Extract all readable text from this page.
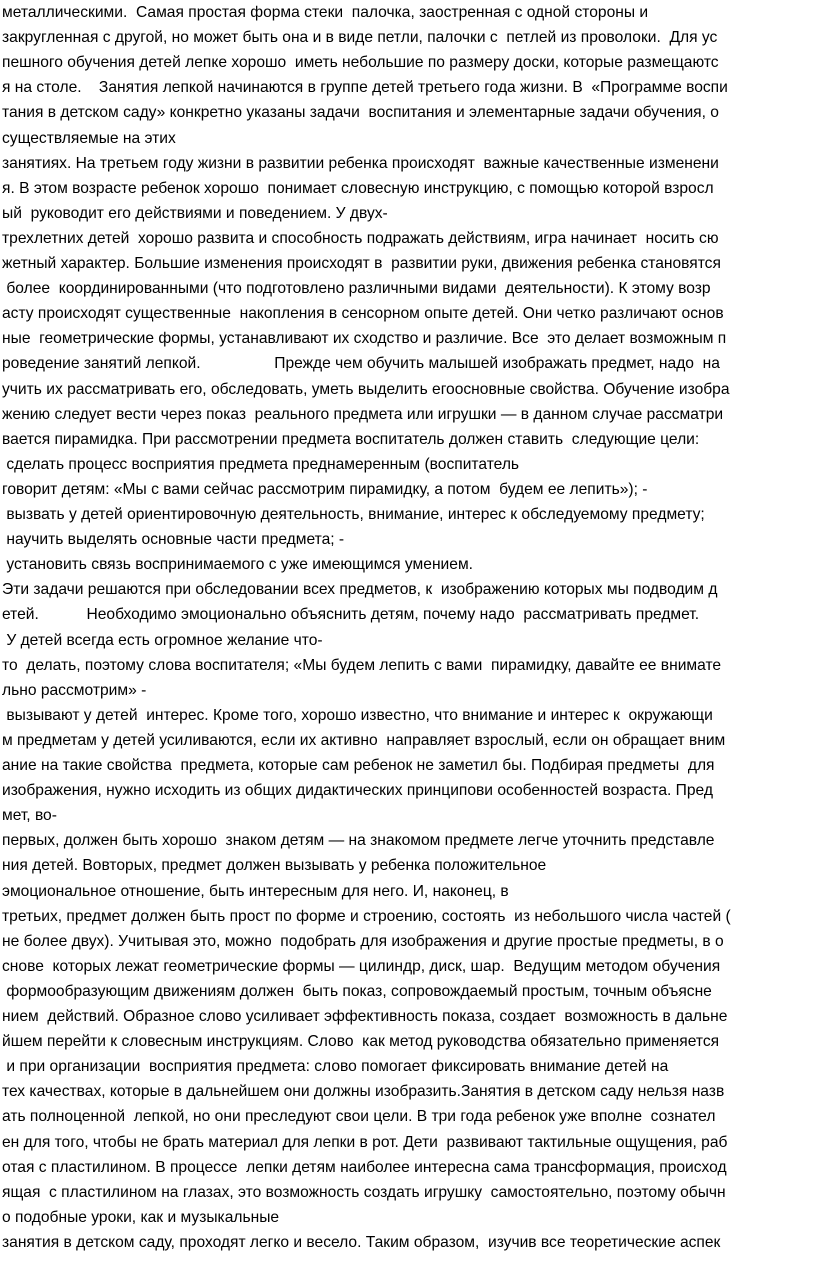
металлическими.  Самая простая форма стеки  палочка, заостренная с одной стороны и
закругленная с другой, но может быть она и в виде петли, палочки с  петлей из проволоки.  Для ус
пешного обучения детей лепке хорошо  иметь небольшие по размеру доски, которые размещаютс
я на столе.    Занятия лепкой начинаются в группе детей третьего года жизни. В  «Программе воспи
тания в детском саду» конкретно указаны задачи  воспитания и элементарные задачи обучения, о
существляемые на этих
занятиях. На третьем году жизни в развитии ребенка происходят  важные качественные изменени
я. В этом возрасте ребенок хорошо  понимает словесную инструкцию, с помощью которой взросл
ый  руководит его действиями и поведением. У двух-
трехлетних детей  хорошо развита и способность подражать действиям, игра начинает  носить сю
жетный характер. Большие изменения происходят в  развитии руки, движения ребенка становятся
более  координированными (что подготовлено различными видами  деятельности). К этому возр
асту происходят существенные  накопления в сенсорном опыте детей. Они четко различают основ
ные  геометрические формы, устанавливают их сходство и различие. Все  это делает возможным п
роведение занятий лепкой.                 Прежде чем обучить малышей изображать предмет, надо  на
учить их рассматривать его, обследовать, уметь выделить егоосновные свойства. Обучение изобра
жению следует вести через показ  реального предмета или игрушки — в данном случае рассматри
вается пирамидка. При рассмотрении предмета воспитатель должен ставить  следующие цели:
сделать процесс восприятия предмета преднамеренным (воспитатель
говорит детям: «Мы с вами сейчас рассмотрим пирамидку, а потом  будем ее лепить»); -
вызвать у детей ориентировочную деятельность, внимание, интерес к обследуемому предмету;
научить выделять основные части предмета; -
установить связь воспринимаемого с уже имеющимся умением.
Эти задачи решаются при обследовании всех предметов, к  изображению которых мы подводим д
етей.           Необходимо эмоционально объяснить детям, почему надо  рассматривать предмет.
У детей всегда есть огромное желание что-
то  делать, поэтому слова воспитателя; «Мы будем лепить с вами  пирамидку, давайте ее внимате
льно рассмотрим» -
вызывают у детей  интерес. Кроме того, хорошо известно, что внимание и интерес к  окружающи
м предметам у детей усиливаются, если их активно  направляет взрослый, если он обращает вним
ание на такие свойства  предмета, которые сам ребенок не заметил бы. Подбирая предметы  для
изображения, нужно исходить из общих дидактических принципови особенностей возраста. Пред
мет, во-
первых, должен быть хорошо  знаком детям — на знакомом предмете легче уточнить представле
ния детей. Вовторых, предмет должен вызывать у ребенка положительное
эмоциональное отношение, быть интересным для него. И, наконец, в
третьих, предмет должен быть прост по форме и строению, состоять  из небольшого числа частей (
не более двух). Учитывая это, можно  подобрать для изображения и другие простые предметы, в о
снове  которых лежат геометрические формы — цилиндр, диск, шар.  Ведущим методом обучения
формообразующим движениям должен  быть показ, сопровождаемый простым, точным объясне
нием  действий. Образное слово усиливает эффективность показа, создает  возможность в дальне
йшем перейти к словесным инструкциям. Слово  как метод руководства обязательно применяется
и при организации  восприятия предмета: слово помогает фиксировать внимание детей на
тех качествах, которые в дальнейшем они должны изобразить.Занятия в детском саду нельзя назв
ать полноценной  лепкой, но они преследуют свои цели. В три года ребенок уже вполне  сознател
ен для того, чтобы не брать материал для лепки в рот. Дети  развивают тактильные ощущения, раб
отая с пластилином. В процессе  лепки детям наиболее интересна сама трансформация, происход
ящая  с пластилином на глазах, это возможность создать игрушку  самостоятельно, поэтому обычн
о подобные уроки, как и музыкальные
занятия в детском саду, проходят легко и весело. Таким образом,  изучив все теоретические аспек
